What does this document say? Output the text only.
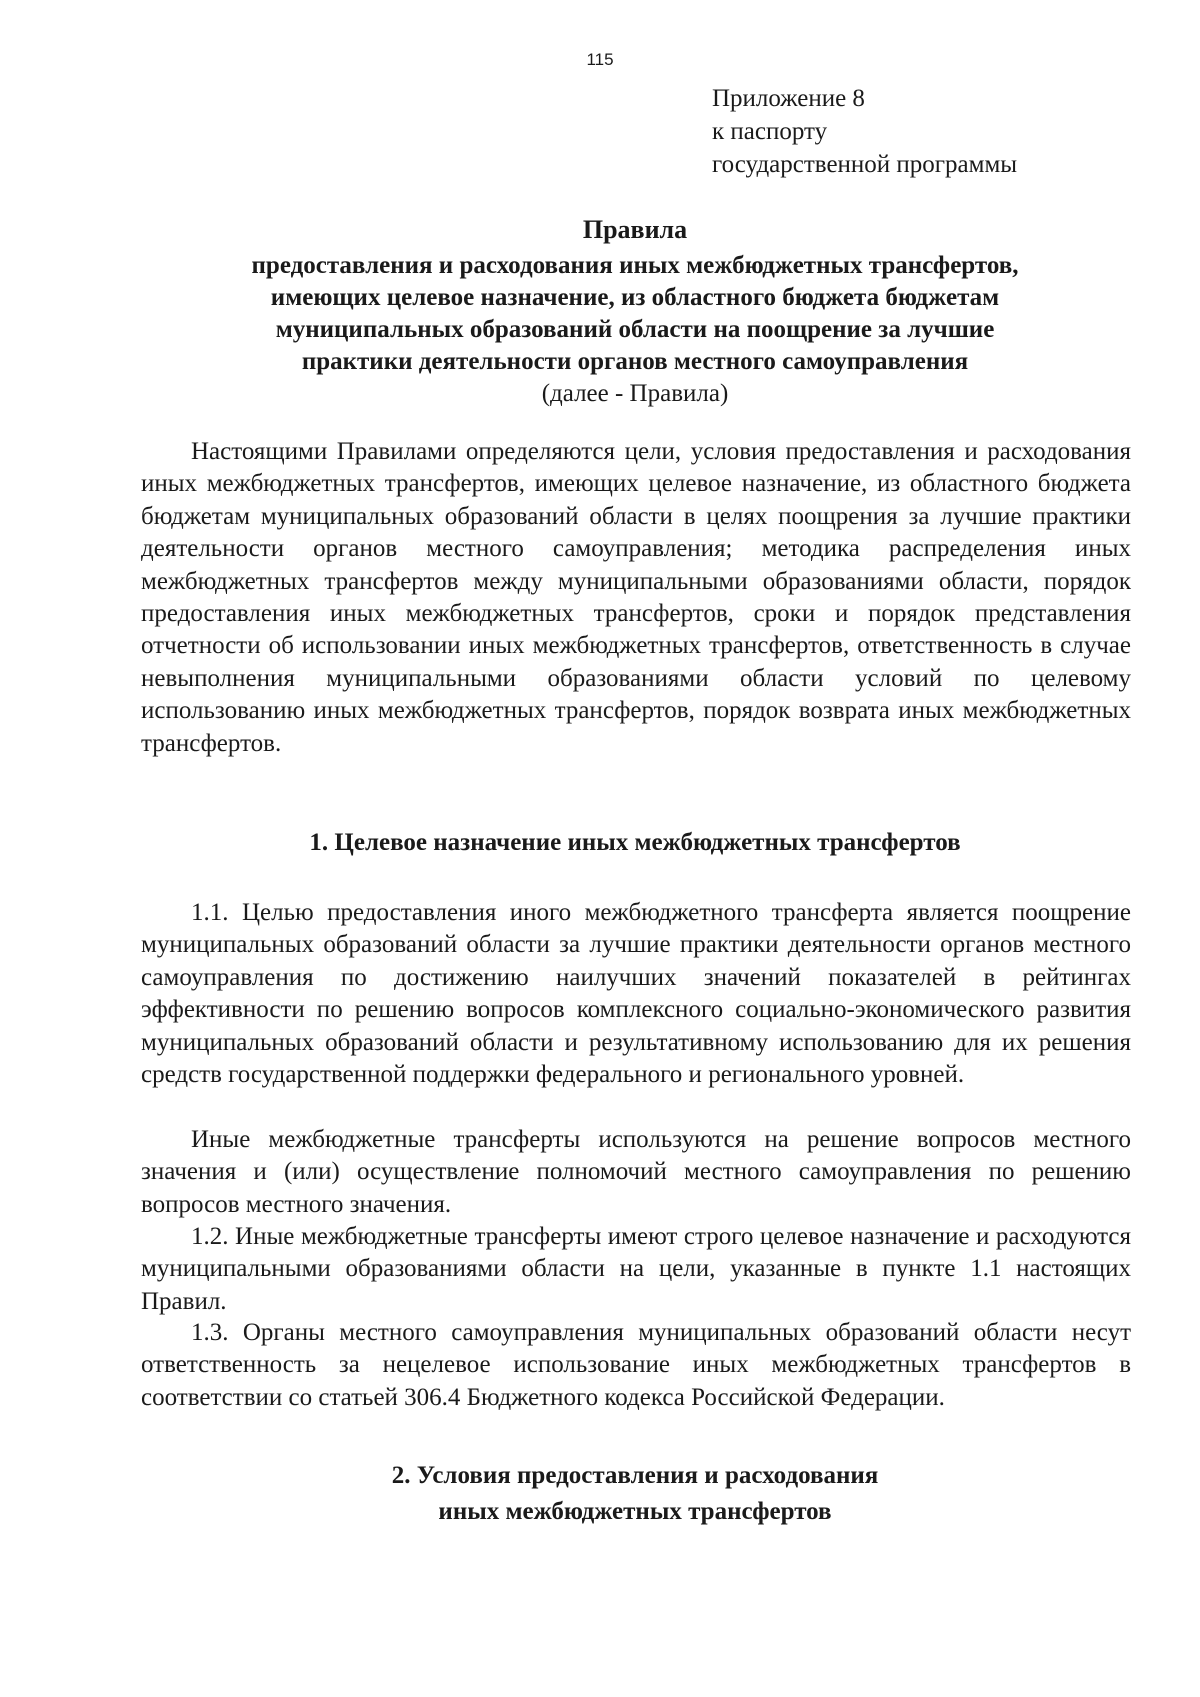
115
Приложение 8
к паспорту
государственной программы
Правила
предоставления и расходования иных межбюджетных трансфертов,
имеющих целевое назначение, из областного бюджета бюджетам
муниципальных образований области на поощрение за лучшие
практики деятельности органов местного самоуправления
(далее - Правила)

Настоящими Правилами определяются цели, условия предоставления и расходования иных межбюджетных трансфертов, имеющих целевое назначение, из областного бюджета бюджетам муниципальных образований области в целях поощрения за лучшие практики деятельности органов местного самоуправления; методика распределения иных межбюджетных трансфертов между муниципальными образованиями области, порядок предоставления иных межбюджетных трансфертов, сроки и порядок представления отчетности об использовании иных межбюджетных трансфертов, ответственность в случае невыполнения муниципальными образованиями области условий по целевому использованию иных межбюджетных трансфертов, порядок возврата иных межбюджетных трансфертов.

1. Целевое назначение иных межбюджетных трансфертов

1.1. Целью предоставления иного межбюджетного трансферта является поощрение муниципальных образований области за лучшие практики деятельности органов местного самоуправления по достижению наилучших значений показателей в рейтингах эффективности по решению вопросов комплексного социально-экономического развития муниципальных образований области и результативному использованию для их решения средств государственной поддержки федерального и регионального уровней.

Иные межбюджетные трансферты используются на решение вопросов местного значения и (или) осуществление полномочий местного самоуправления по решению вопросов местного значения.

1.2. Иные межбюджетные трансферты имеют строго целевое назначение и расходуются муниципальными образованиями области на цели, указанные в пункте 1.1 настоящих Правил.

1.3. Органы местного самоуправления муниципальных образований области несут ответственность за нецелевое использование иных межбюджетных трансфертов в соответствии со статьей 306.4 Бюджетного кодекса Российской Федерации.

2. Условия предоставления и расходования
иных межбюджетных трансфертов
